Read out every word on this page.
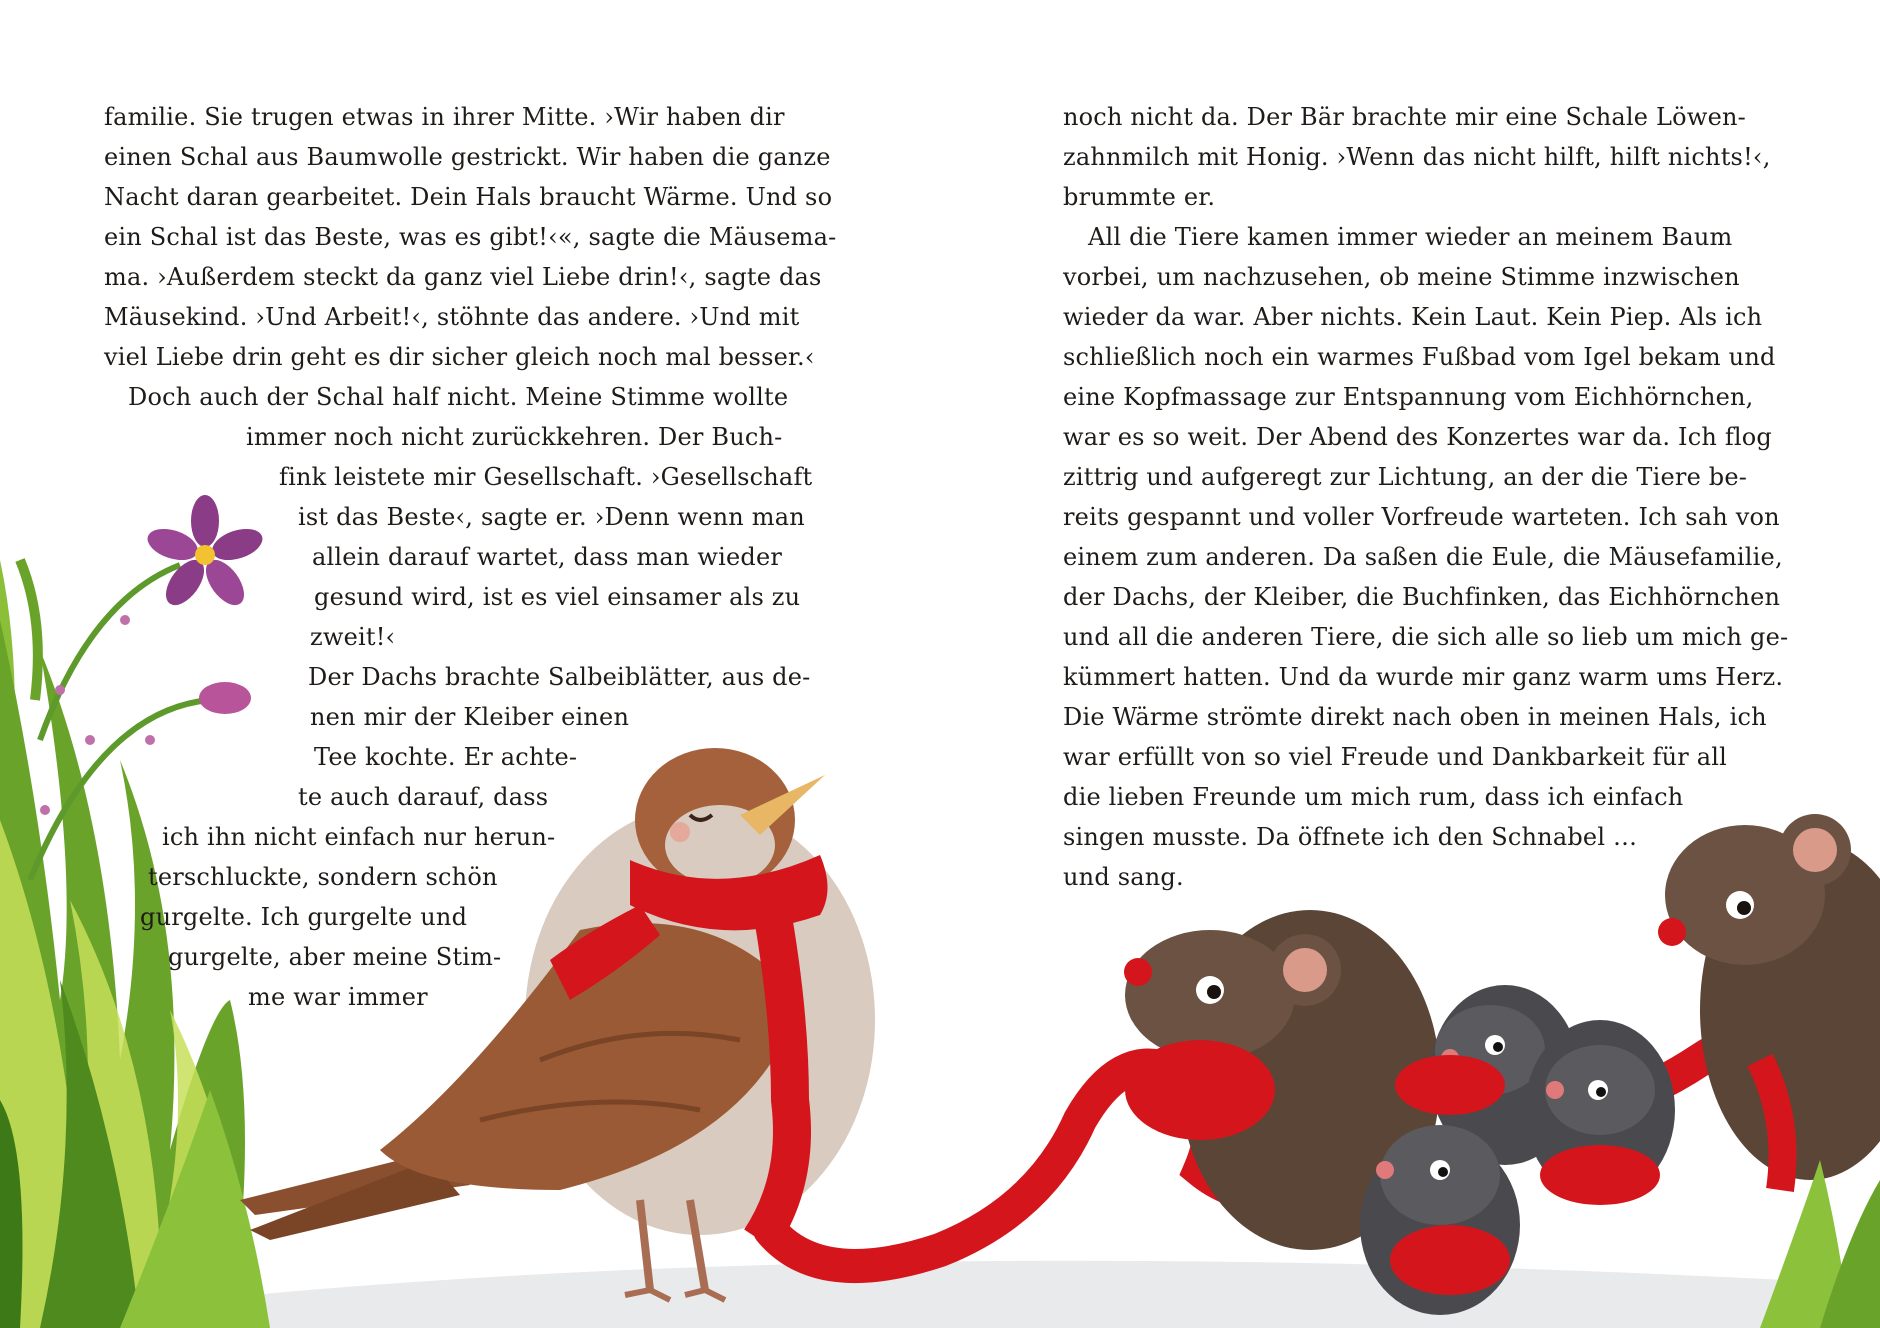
familie. Sie trugen etwas in ihrer Mitte. ›Wir haben dir
einen Schal aus Baumwolle gestrickt. Wir haben die ganze
Nacht daran gearbeitet. Dein Hals braucht Wärme. Und so
ein Schal ist das Beste, was es gibt!‹«, sagte die Mäusema-
ma. ›Außerdem steckt da ganz viel Liebe drin!‹, sagte das
Mäusekind. ›Und Arbeit!‹, stöhnte das andere. ›Und mit
viel Liebe drin geht es dir sicher gleich noch mal besser.‹
Doch auch der Schal half nicht. Meine Stimme wollte
immer noch nicht zurückkehren. Der Buch-
fink leistete mir Gesellschaft. ›Gesellschaft
ist das Beste‹, sagte er. ›Denn wenn man
allein darauf wartet, dass man wieder
gesund wird, ist es viel einsamer als zu
zweit!‹
Der Dachs brachte Salbeiblätter, aus de-
nen mir der Kleiber einen
Tee kochte. Er achte-
te auch darauf, dass
ich ihn nicht einfach nur herun-
terschluckte, sondern schön
gurgelte. Ich gurgelte und
gurgelte, aber meine Stim-
me war immer
noch nicht da. Der Bär brachte mir eine Schale Löwen-
zahnmilch mit Honig. ›Wenn das nicht hilft, hilft nichts!‹,
brummte er.
All die Tiere kamen immer wieder an meinem Baum
vorbei, um nachzusehen, ob meine Stimme inzwischen
wieder da war. Aber nichts. Kein Laut. Kein Piep. Als ich
schließlich noch ein warmes Fußbad vom Igel bekam und
eine Kopfmassage zur Entspannung vom Eichhörnchen,
war es so weit. Der Abend des Konzertes war da. Ich flog
zittrig und aufgeregt zur Lichtung, an der die Tiere be-
reits gespannt und voller Vorfreude warteten. Ich sah von
einem zum anderen. Da saßen die Eule, die Mäusefamilie,
der Dachs, der Kleiber, die Buchfinken, das Eichhörnchen
und all die anderen Tiere, die sich alle so lieb um mich ge-
kümmert hatten. Und da wurde mir ganz warm ums Herz.
Die Wärme strömte direkt nach oben in meinen Hals, ich
war erfüllt von so viel Freude und Dankbarkeit für all
die lieben Freunde um mich rum, dass ich einfach
singen musste. Da öffnete ich den Schnabel …
und sang.
